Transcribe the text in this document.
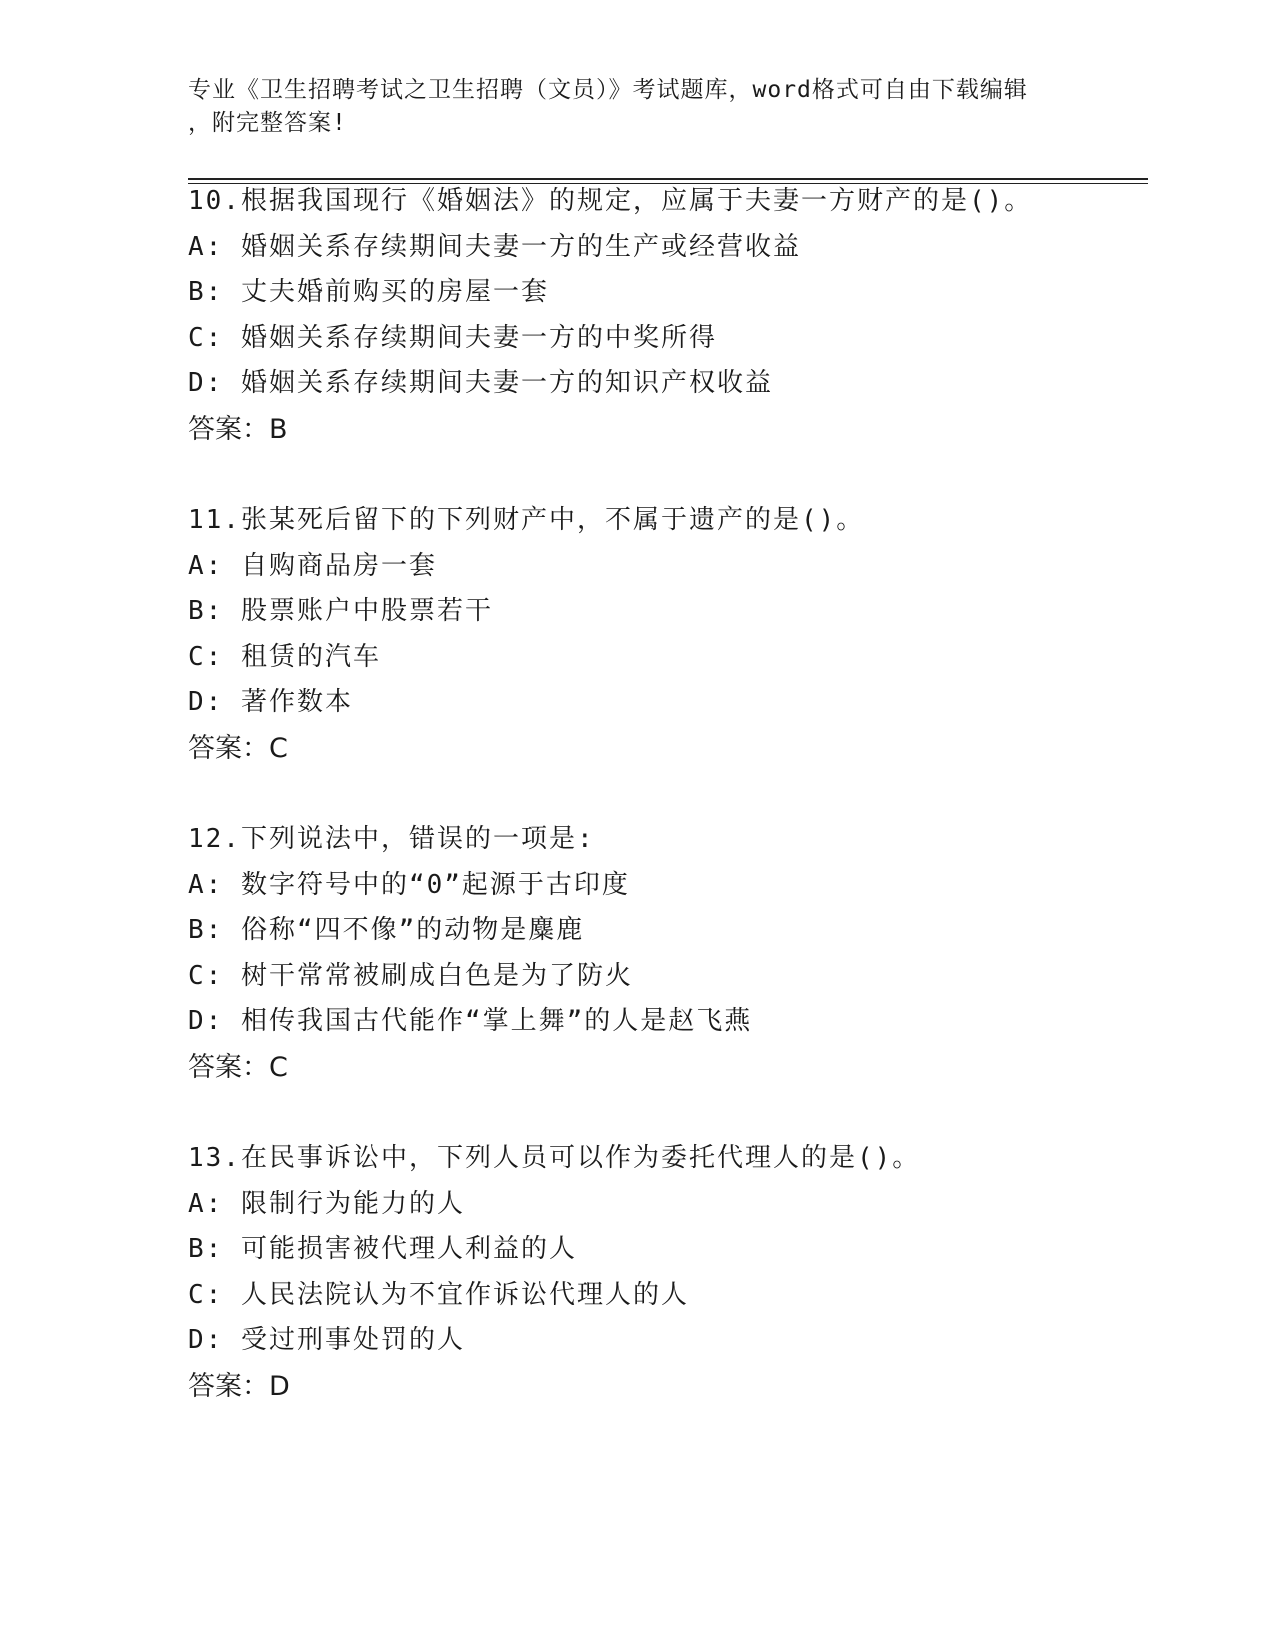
专业《卫生招聘考试之卫生招聘（文员）》考试题库，word格式可自由下载编辑
，附完整答案!
10.根据我国现行《婚姻法》的规定，应属于夫妻一方财产的是()。
A: 婚姻关系存续期间夫妻一方的生产或经营收益
B: 丈夫婚前购买的房屋一套
C: 婚姻关系存续期间夫妻一方的中奖所得
D: 婚姻关系存续期间夫妻一方的知识产权收益
答案：B
11.张某死后留下的下列财产中，不属于遗产的是()。
A: 自购商品房一套
B: 股票账户中股票若干
C: 租赁的汽车
D: 著作数本
答案：C
12.下列说法中，错误的一项是:
A: 数字符号中的“0”起源于古印度
B: 俗称“四不像”的动物是麋鹿
C: 树干常常被刷成白色是为了防火
D: 相传我国古代能作“掌上舞”的人是赵飞燕
答案：C
13.在民事诉讼中，下列人员可以作为委托代理人的是()。
A: 限制行为能力的人
B: 可能损害被代理人利益的人
C: 人民法院认为不宜作诉讼代理人的人
D: 受过刑事处罚的人
答案：D
